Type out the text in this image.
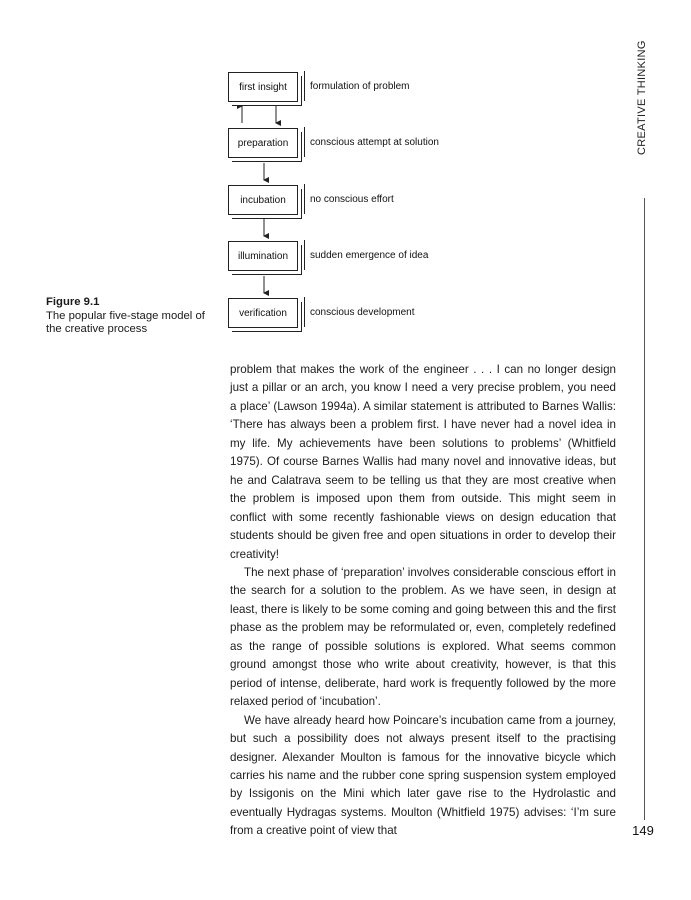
CREATIVE THINKING
149
Figure 9.1
The popular five-stage model of the creative process
first insight	formulation of problem
preparation	conscious attempt at solution
incubation	no conscious effort
illumination	sudden emergence of idea
verification	conscious development

problem that makes the work of the engineer . . . I can no longer design just a pillar or an arch, you know I need a very precise problem, you need a place’ (Lawson 1994a). A similar statement is attributed to Barnes Wallis: ‘There has always been a problem first. I have never had a novel idea in my life. My achievements have been solutions to problems’ (Whitfield 1975). Of course Barnes Wallis had many novel and innovative ideas, but he and Calatrava seem to be telling us that they are most creative when the problem is imposed upon them from outside. This might seem in conflict with some recently fashionable views on design education that students should be given free and open situations in order to develop their creativity!

The next phase of ‘preparation’ involves considerable conscious effort in the search for a solution to the problem. As we have seen, in design at least, there is likely to be some coming and going between this and the first phase as the problem may be reformulated or, even, completely redefined as the range of possible solutions is explored. What seems common ground amongst those who write about creativity, however, is that this period of intense, deliberate, hard work is frequently followed by the more relaxed period of ‘incubation’.

We have already heard how Poincare’s incubation came from a journey, but such a possibility does not always present itself to the practising designer. Alexander Moulton is famous for the innovative bicycle which carries his name and the rubber cone spring suspension system employed by Issigonis on the Mini which later gave rise to the Hydrolastic and eventually Hydragas systems. Moulton (Whitfield 1975) advises: ‘I’m sure from a creative point of view that
